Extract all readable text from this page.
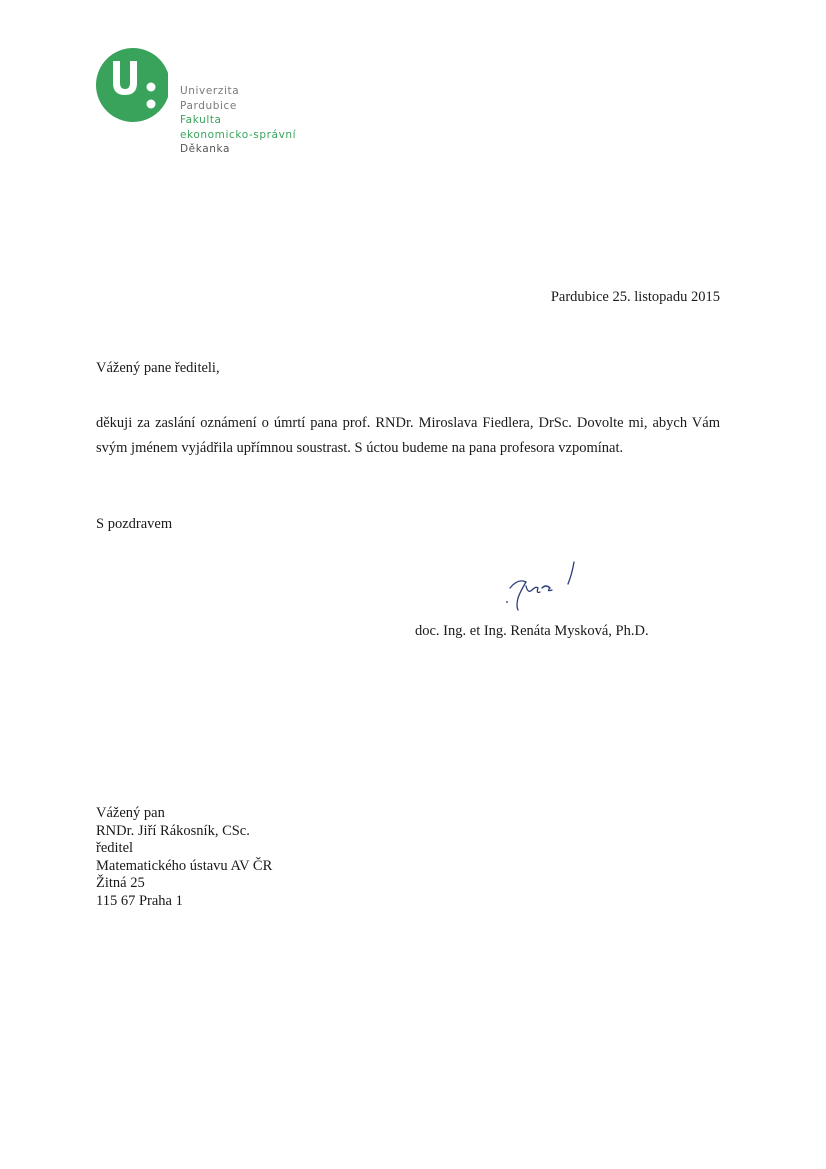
Univerzita
Pardubice
Fakulta
ekonomicko-správní
Děkanka
Pardubice 25. listopadu 2015
Vážený pane řediteli,
děkuji za zaslání oznámení o úmrtí pana prof. RNDr. Miroslava Fiedlera, DrSc. Dovolte mi, abych Vám svým jménem vyjádřila upřímnou soustrast. S úctou budeme na pana profesora vzpomínat.
S pozdravem
doc. Ing. et Ing. Renáta Mysková, Ph.D.
Vážený pan
RNDr. Jiří Rákosník, CSc.
ředitel
Matematického ústavu AV ČR
Žitná 25
115 67 Praha 1
